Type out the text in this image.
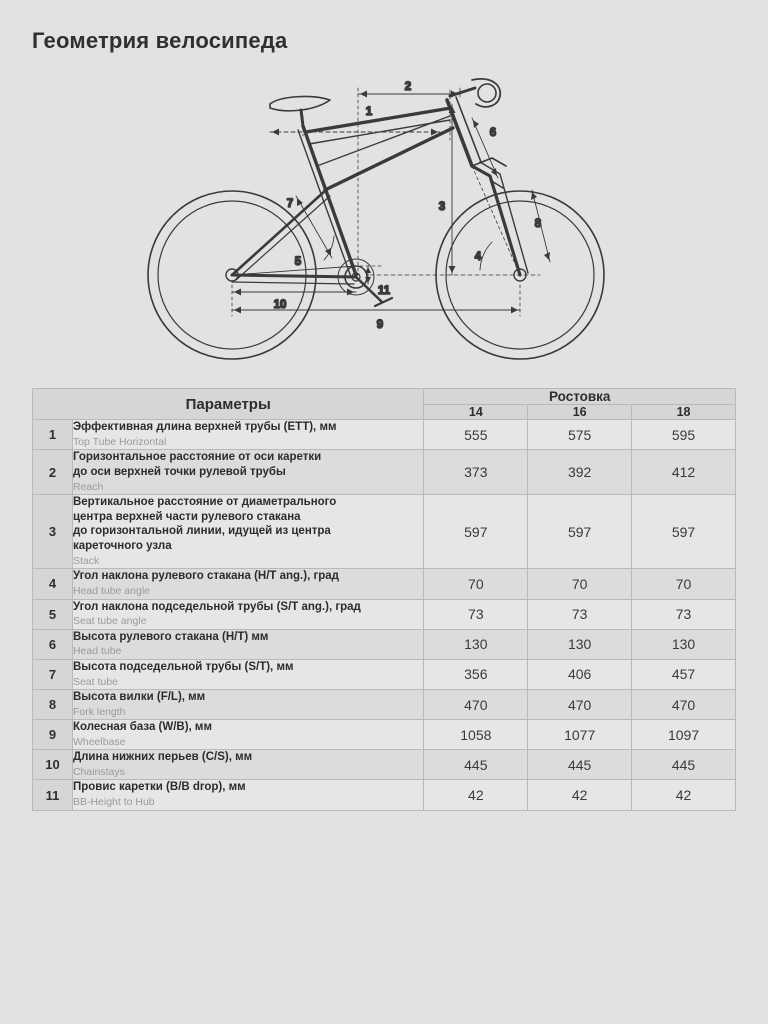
Геометрия велосипеда
1
2
3
4
5
6
7
8
9
10
11
Параметры		Ростовка		
		14	16	18
1	Эффективная длина верхней трубы (ETT), мм
Top Tube Horizontal	555	575	595
2	Горизонтальное расстояние от оси каретки
до оси верхней точки рулевой трубы
Reach	373	392	412
3	Вертикальное расстояние от диаметрального
центра верхней части рулевого стакана
до горизонтальной линии, идущей из центра
кареточного узла
Stack	597	597	597
4	Угол наклона рулевого стакана (H/T ang.), град
Head tube angle	70	70	70
5	Угол наклона подседельной трубы (S/T ang.), град
Seat tube angle	73	73	73
6	Высота рулевого стакана (H/T) мм
Head tube	130	130	130
7	Высота подседельной трубы (S/T), мм
Seat tube	356	406	457
8	Высота вилки (F/L), мм
Fork length	470	470	470
9	Колесная база (W/B), мм
Wheelbase	1058	1077	1097
10	Длина нижних перьев (C/S), мм
Chainstays	445	445	445
11	Провис каретки (B/B drop), мм
BB-Height to Hub	42	42	42
